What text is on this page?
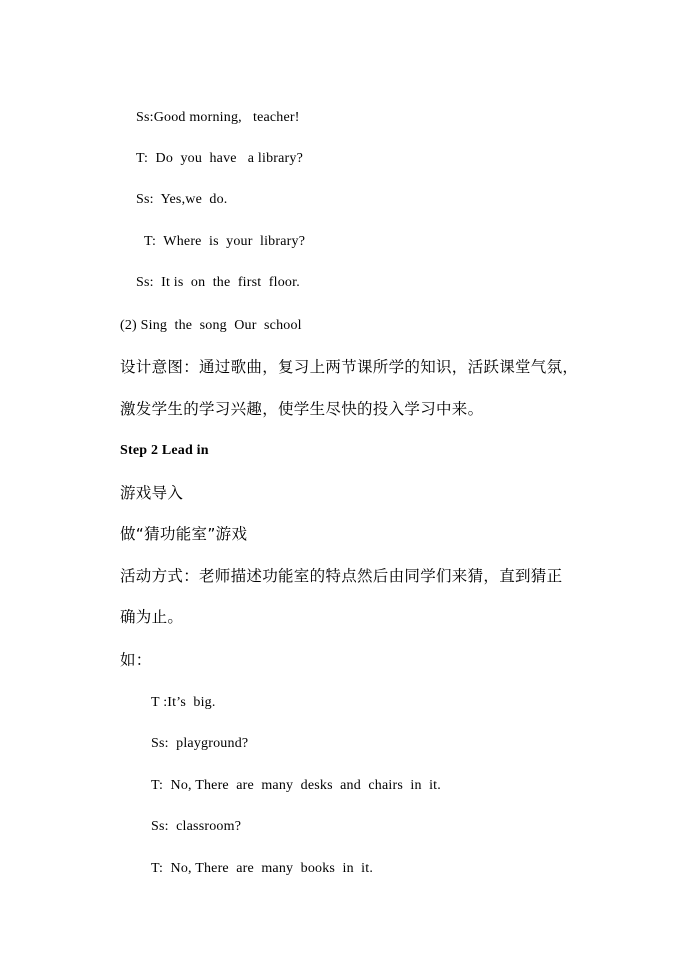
Ss:Good morning,   teacher!
T:  Do  you  have   a library?
Ss:  Yes,we  do.
T:  Where  is  your  library?
Ss:  It is  on  the  first  floor.
(2) Sing  the  song  Our  school
设计意图：通过歌曲，复习上两节课所学的知识，活跃课堂气氛，
激发学生的学习兴趣，使学生尽快的投入学习中来。
Step 2 Lead in
游戏导入
做“猜功能室”游戏
活动方式：老师描述功能室的特点然后由同学们来猜，直到猜正
确为止。
如：
T :It’s  big.
Ss:  playground?
T:  No, There  are  many  desks  and  chairs  in  it.
Ss:  classroom?
T:  No, There  are  many  books  in  it.
